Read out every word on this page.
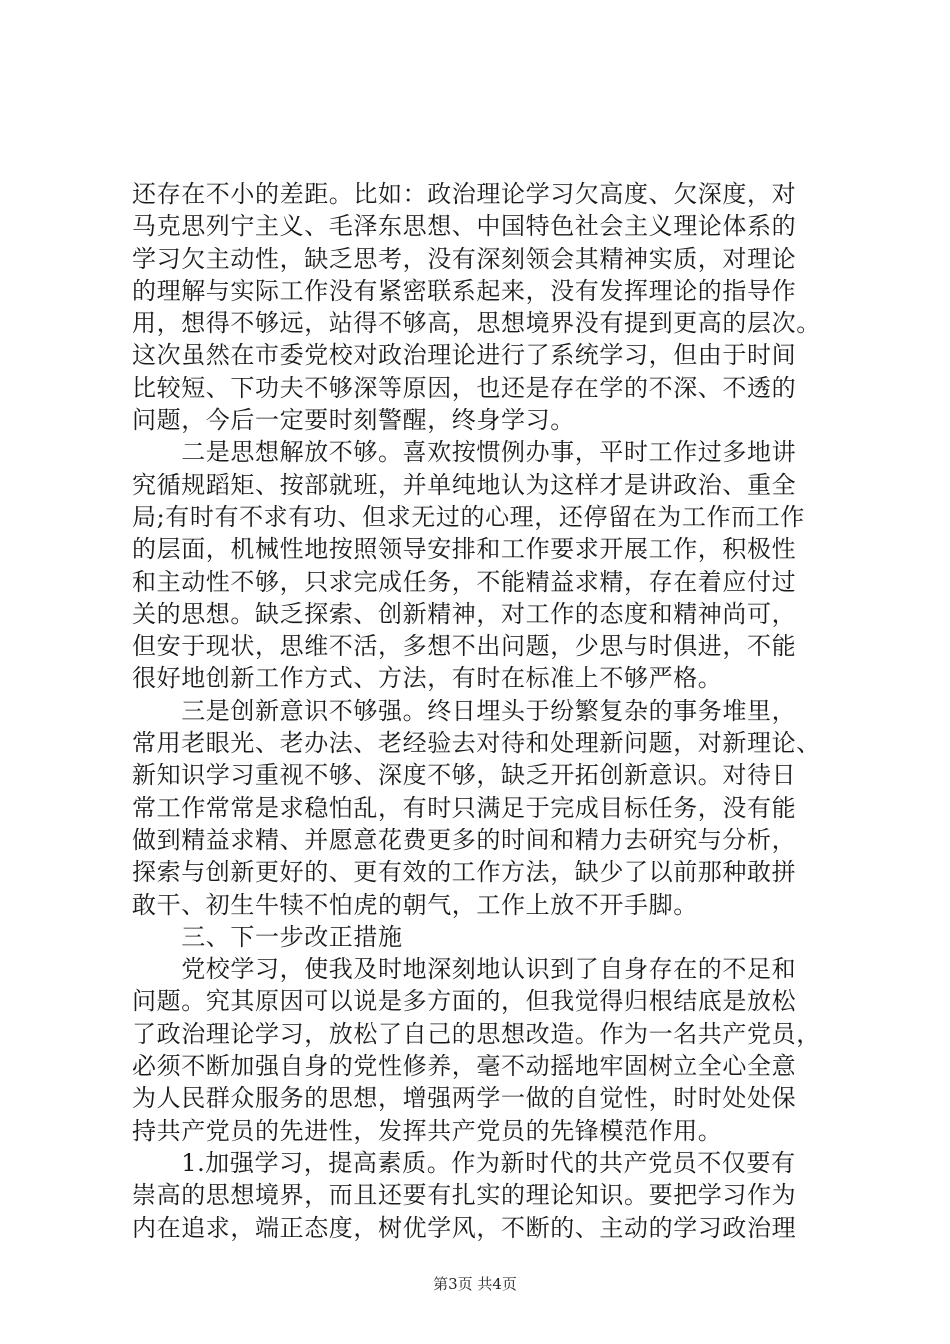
还存在不小的差距。比如：政治理论学习欠高度、欠深度，对
马克思列宁主义、毛泽东思想、中国特色社会主义理论体系的
学习欠主动性，缺乏思考，没有深刻领会其精神实质，对理论
的理解与实际工作没有紧密联系起来，没有发挥理论的指导作
用，想得不够远，站得不够高，思想境界没有提到更高的层次。
这次虽然在市委党校对政治理论进行了系统学习，但由于时间
比较短、下功夫不够深等原因，也还是存在学的不深、不透的
问题，今后一定要时刻警醒，终身学习。
　　二是思想解放不够。喜欢按惯例办事，平时工作过多地讲
究循规蹈矩、按部就班，并单纯地认为这样才是讲政治、重全
局;有时有不求有功、但求无过的心理，还停留在为工作而工作
的层面，机械性地按照领导安排和工作要求开展工作，积极性
和主动性不够，只求完成任务，不能精益求精，存在着应付过
关的思想。缺乏探索、创新精神，对工作的态度和精神尚可，
但安于现状，思维不活，多想不出问题，少思与时俱进，不能
很好地创新工作方式、方法，有时在标准上不够严格。
　　三是创新意识不够强。终日埋头于纷繁复杂的事务堆里，
常用老眼光、老办法、老经验去对待和处理新问题，对新理论、
新知识学习重视不够、深度不够，缺乏开拓创新意识。对待日
常工作常常是求稳怕乱，有时只满足于完成目标任务，没有能
做到精益求精、并愿意花费更多的时间和精力去研究与分析，
探索与创新更好的、更有效的工作方法，缺少了以前那种敢拼
敢干、初生牛犊不怕虎的朝气，工作上放不开手脚。
　　三、下一步改正措施
　　党校学习，使我及时地深刻地认识到了自身存在的不足和
问题。究其原因可以说是多方面的，但我觉得归根结底是放松
了政治理论学习，放松了自己的思想改造。作为一名共产党员，
必须不断加强自身的党性修养，毫不动摇地牢固树立全心全意
为人民群众服务的思想，增强两学一做的自觉性，时时处处保
持共产党员的先进性，发挥共产党员的先锋模范作用。
　　1.加强学习，提高素质。作为新时代的共产党员不仅要有
崇高的思想境界，而且还要有扎实的理论知识。要把学习作为
内在追求，端正态度，树优学风，不断的、主动的学习政治理
第3页 共4页
